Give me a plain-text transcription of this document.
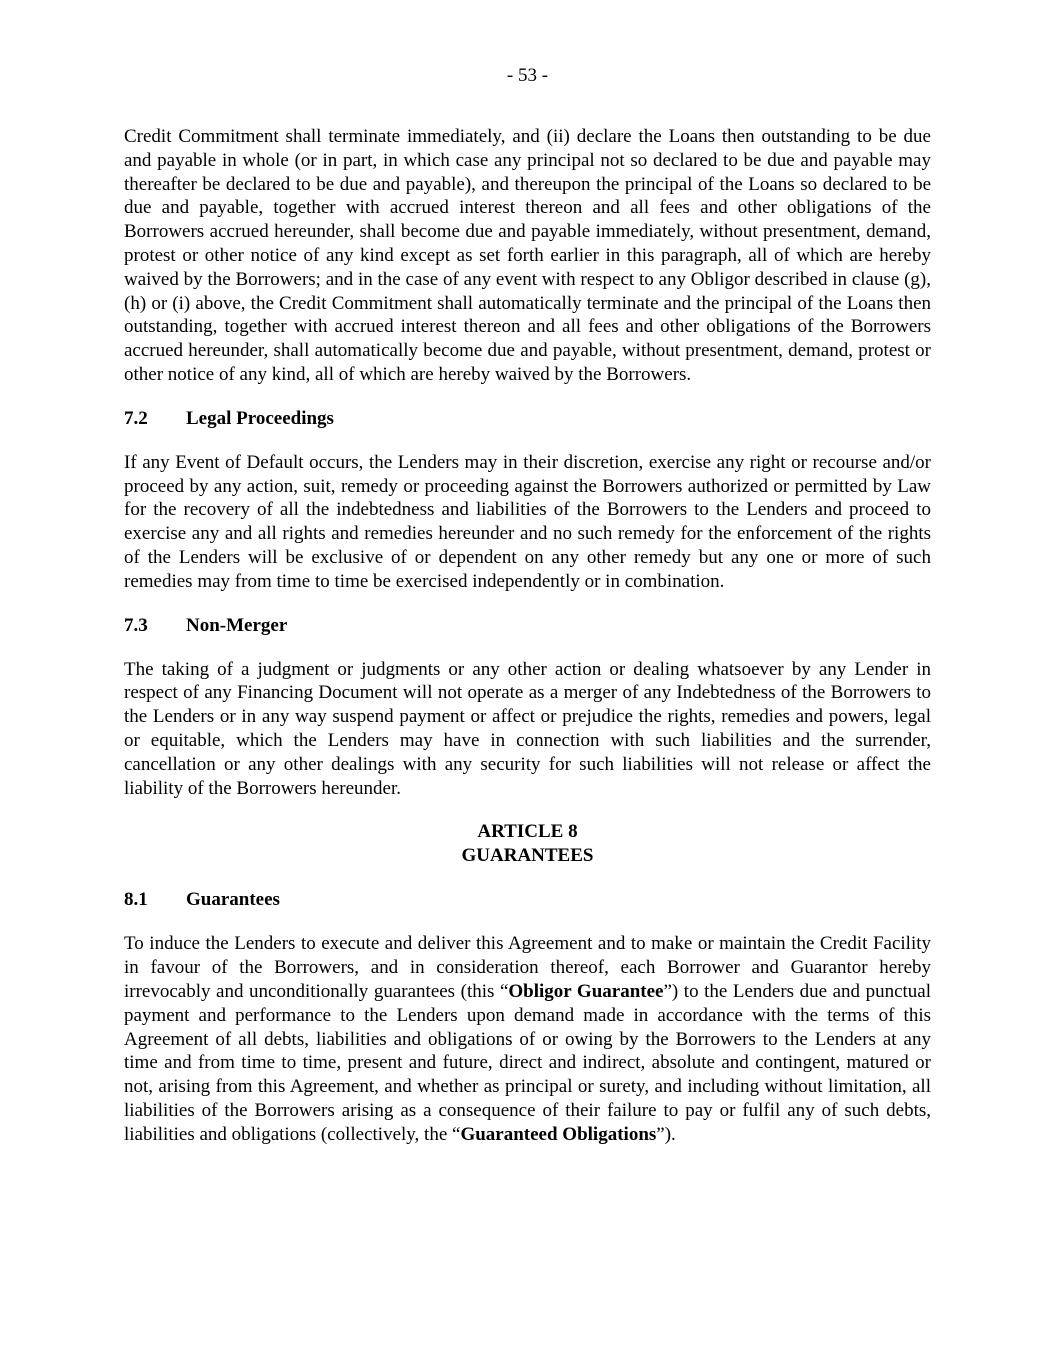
- 53 -

Credit Commitment shall terminate immediately, and (ii) declare the Loans then outstanding to be due and payable in whole (or in part, in which case any principal not so declared to be due and payable may thereafter be declared to be due and payable), and thereupon the principal of the Loans so declared to be due and payable, together with accrued interest thereon and all fees and other obligations of the Borrowers accrued hereunder, shall become due and payable immediately, without presentment, demand, protest or other notice of any kind except as set forth earlier in this paragraph, all of which are hereby waived by the Borrowers; and in the case of any event with respect to any Obligor described in clause (g), (h) or (i) above, the Credit Commitment shall automatically terminate and the principal of the Loans then outstanding, together with accrued interest thereon and all fees and other obligations of the Borrowers accrued hereunder, shall automatically become due and payable, without presentment, demand, protest or other notice of any kind, all of which are hereby waived by the Borrowers.

7.2	Legal Proceedings

If any Event of Default occurs, the Lenders may in their discretion, exercise any right or recourse and/or proceed by any action, suit, remedy or proceeding against the Borrowers authorized or permitted by Law for the recovery of all the indebtedness and liabilities of the Borrowers to the Lenders and proceed to exercise any and all rights and remedies hereunder and no such remedy for the enforcement of the rights of the Lenders will be exclusive of or dependent on any other remedy but any one or more of such remedies may from time to time be exercised independently or in combination.

7.3	Non-Merger

The taking of a judgment or judgments or any other action or dealing whatsoever by any Lender in respect of any Financing Document will not operate as a merger of any Indebtedness of the Borrowers to the Lenders or in any way suspend payment or affect or prejudice the rights, remedies and powers, legal or equitable, which the Lenders may have in connection with such liabilities and the surrender, cancellation or any other dealings with any security for such liabilities will not release or affect the liability of the Borrowers hereunder.

ARTICLE 8
GUARANTEES
8.1	Guarantees

To induce the Lenders to execute and deliver this Agreement and to make or maintain the Credit Facility in favour of the Borrowers, and in consideration thereof, each Borrower and Guarantor hereby irrevocably and unconditionally guarantees (this “Obligor Guarantee”) to the Lenders due and punctual payment and performance to the Lenders upon demand made in accordance with the terms of this Agreement of all debts, liabilities and obligations of or owing by the Borrowers to the Lenders at any time and from time to time, present and future, direct and indirect, absolute and contingent, matured or not, arising from this Agreement, and whether as principal or surety, and including without limitation, all liabilities of the Borrowers arising as a consequence of their failure to pay or fulfil any of such debts, liabilities and obligations (collectively, the “Guaranteed Obligations”).
